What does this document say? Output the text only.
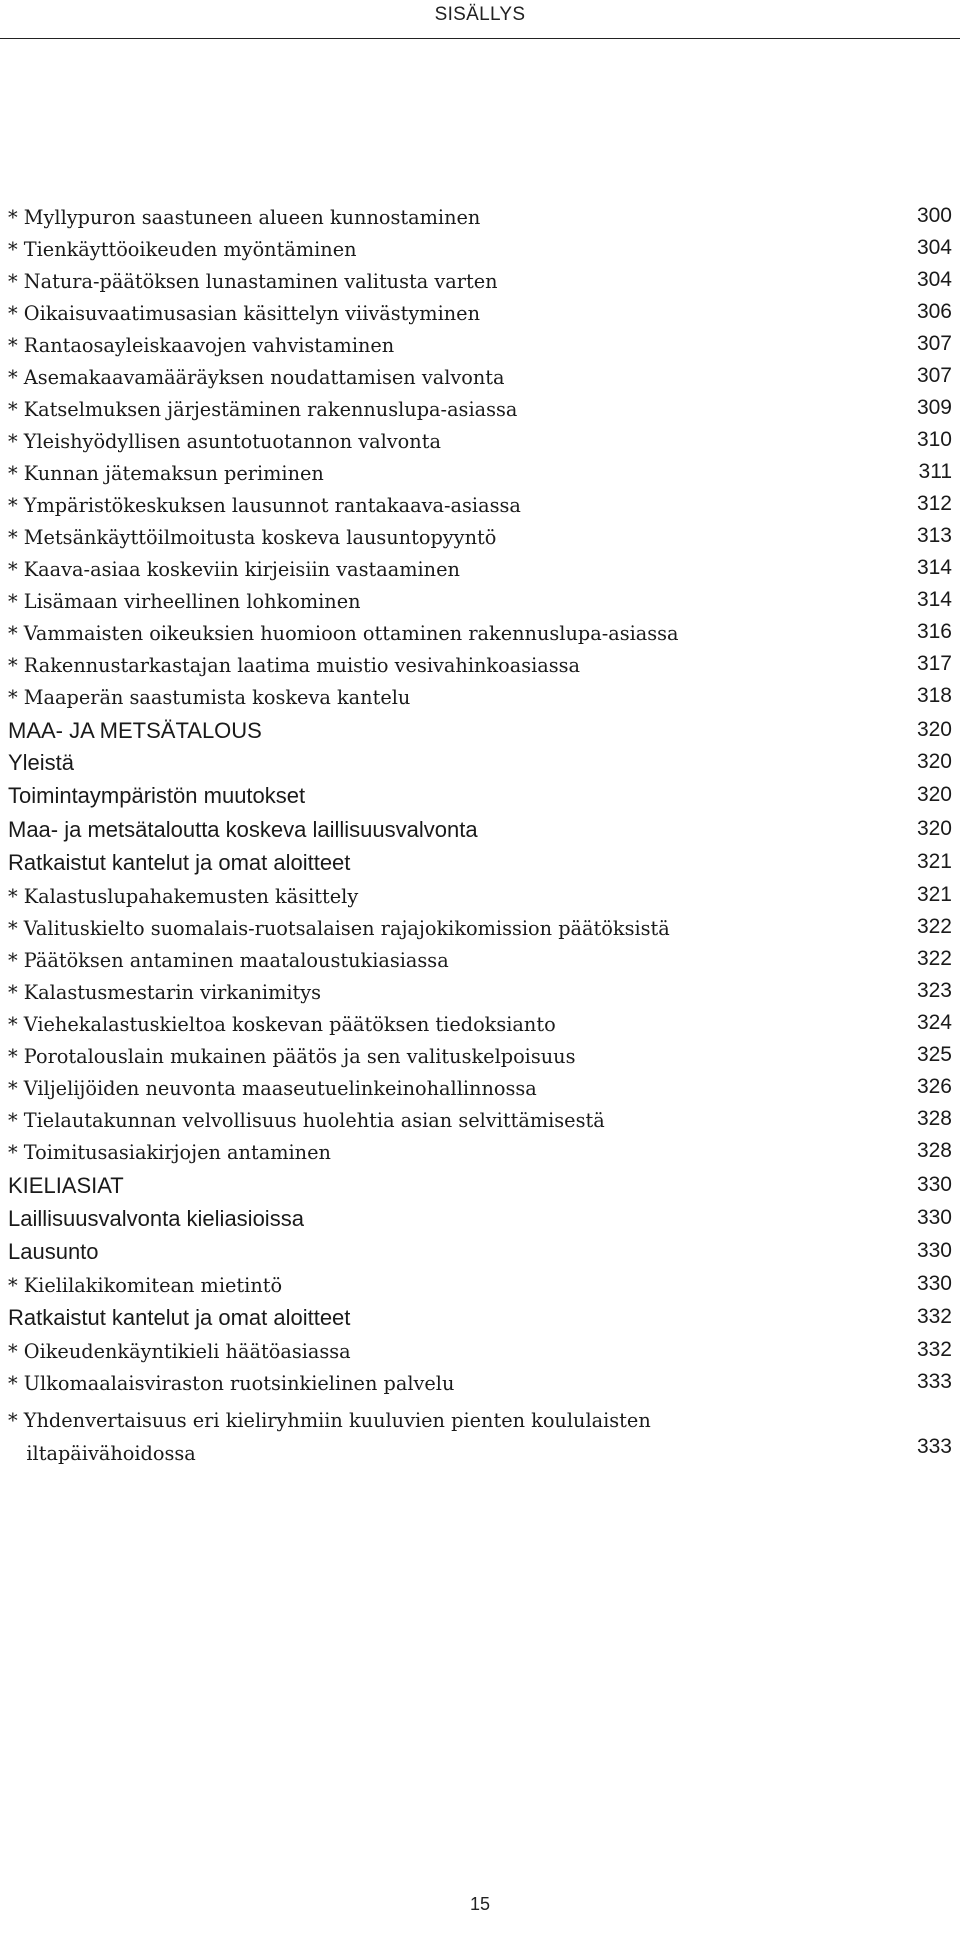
SISÄLLYS
* Myllypuron saastuneen alueen kunnostaminen	300
* Tienkäyttöoikeuden myöntäminen	304
* Natura-päätöksen lunastaminen valitusta varten	304
* Oikaisuvaatimusasian käsittelyn viivästyminen	306
* Rantaosayleiskaavojen vahvistaminen	307
* Asemakaavamääräyksen noudattamisen valvonta	307
* Katselmuksen järjestäminen rakennuslupa-asiassa	309
* Yleishyödyllisen asuntotuotannon valvonta	310
* Kunnan jätemaksun periminen	311
* Ympäristökeskuksen lausunnot rantakaava-asiassa	312
* Metsänkäyttöilmoitusta koskeva lausuntopyyntö	313
* Kaava-asiaa koskeviin kirjeisiin vastaaminen	314
* Lisämaan virheellinen lohkominen	314
* Vammaisten oikeuksien huomioon ottaminen rakennuslupa-asiassa	316
* Rakennustarkastajan laatima muistio vesivahinkoasiassa	317
* Maaperän saastumista koskeva kantelu	318
MAA- JA METSÄTALOUS	320
Yleistä	320
Toimintaympäristön muutokset	320
Maa- ja metsätaloutta koskeva laillisuusvalvonta	320
Ratkaistut kantelut ja omat aloitteet	321
* Kalastuslupahakemusten käsittely	321
* Valituskielto suomalais-ruotsalaisen rajajokikomission päätöksistä	322
* Päätöksen antaminen maataloustukiasiassa	322
* Kalastusmestarin virkanimitys	323
* Viehekalastuskieltoa koskevan päätöksen tiedoksianto	324
* Porotalouslain mukainen päätös ja sen valituskelpoisuus	325
* Viljelijöiden neuvonta maaseutuelinkeinohallinnossa	326
* Tielautakunnan velvollisuus huolehtia asian selvittämisestä	328
* Toimitusasiakirjojen antaminen	328
KIELIASIAT	330
Laillisuusvalvonta kieliasioissa	330
Lausunto	330
* Kielilakikomitean mietintö	330
Ratkaistut kantelut ja omat aloitteet	332
* Oikeudenkäyntikieli häätöasiassa	332
* Ulkomaalaisviraston ruotsinkielinen palvelu	333
* Yhdenvertaisuus eri kieliryhmiin kuuluvien pienten koululaisten
iltapäivähoidossa	333
15
